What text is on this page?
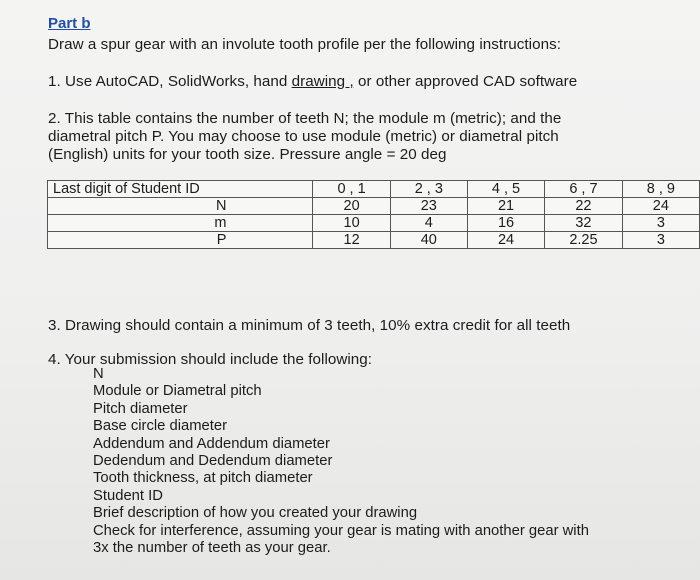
Part b
Draw a spur gear with an involute tooth profile per the following instructions:
1. Use AutoCAD, SolidWorks, hand drawing , or other approved CAD software
2. This table contains the number of teeth N; the module m (metric); and the
diametral pitch P. You may choose to use module (metric) or diametral pitch
(English) units for your tooth size. Pressure angle = 20 deg
Last digit of Student ID	0 , 1	2 , 3	4 , 5	6 , 7	8 , 9
N	20	23	21	22	24
m	10	4	16	32	3
P	12	40	24	2.25	3
3. Drawing should contain a minimum of 3 teeth, 10% extra credit for all teeth
4. Your submission should include the following:
N
Module or Diametral pitch
Pitch diameter
Base circle diameter
Addendum and Addendum diameter
Dedendum and Dedendum diameter
Tooth thickness, at pitch diameter
Student ID
Brief description of how you created your drawing
Check for interference, assuming your gear is mating with another gear with
3x the number of teeth as your gear.
